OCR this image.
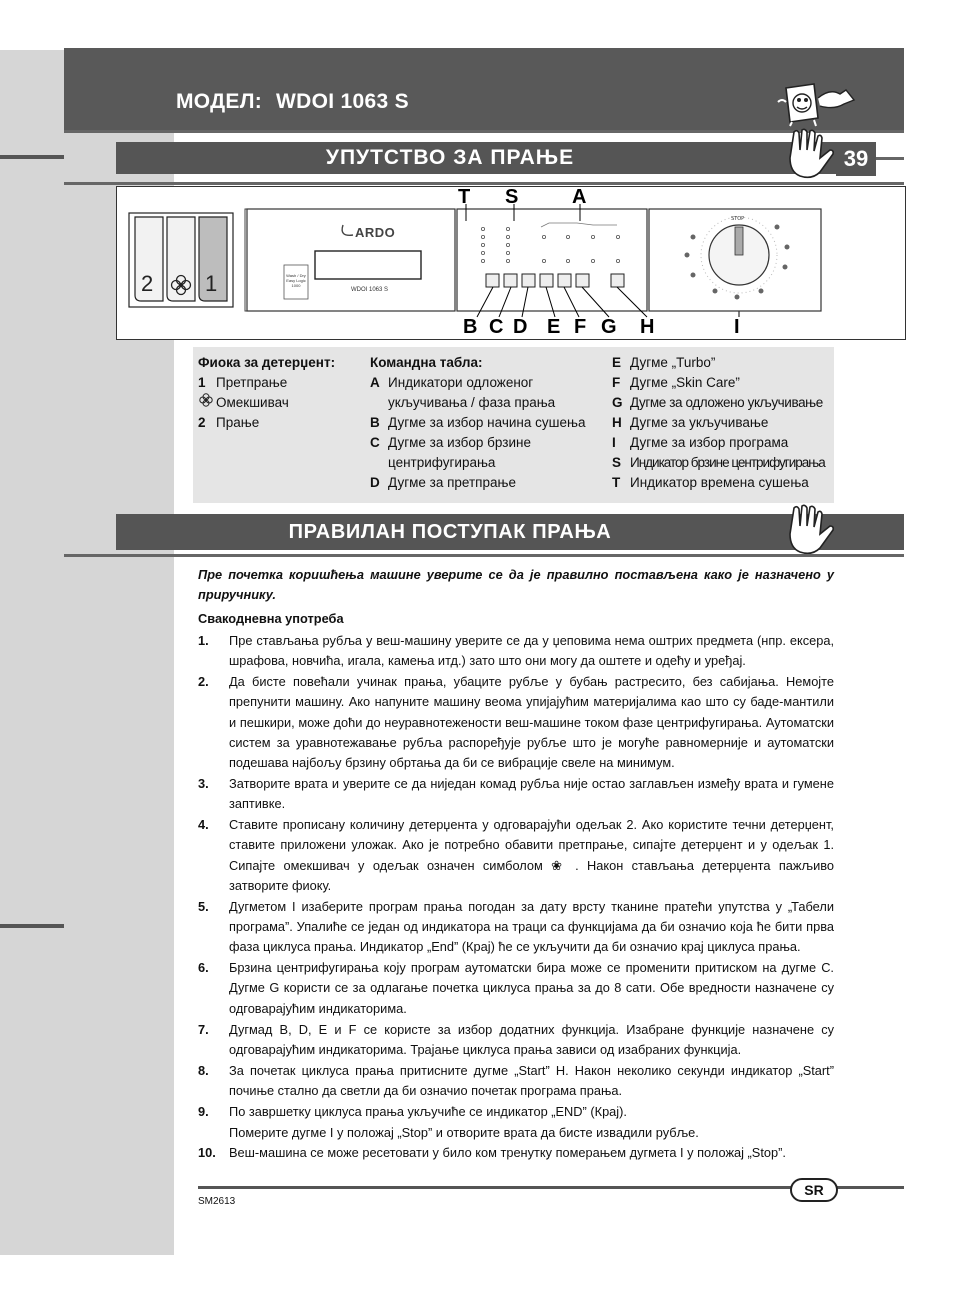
МОДЕЛ: WDOI 1063 S
УПУТСТВО ЗА ПРАЊЕ	39
STOP
ARDO
WDOI 1063 S
Wash / Dry
Easy Logic
1000
2 1
T S	A
B C D E F G H	I
Фиока за детерџент:
1 Претпрање
Омекшивач
2 Прање
Командна табла:
A Индикатори одложеног
укључивања / фаза прања
B Дугме за избор начина сушења
C Дугме за избор брзине
центрифугирања
D Дугме за претпрање
E Дугме „Turbo”
F Дугме „Skin Care”
G Дугме за одложено укључивање
H Дугме за укључивање
I	Дугме за избор програма
S Индикатор брзине центрифугирања
T Индикатор времена сушења
ПРАВИЛАН ПОСТУПАК ПРАЊА

Пре почетка коришћења машине уверите се да је правилно постављена како је назначено у приручнику.

Свакодневна употреба
1.	Пре стављања рубља у веш-машину уверите се да у џеповима нема оштрих предмета (нпр. ексера, шрафова, новчића, игала, камења итд.) зато што они могу да оштете и одећу и уређај.
2.	Да бисте повећали учинак прања, убаците рубље у бубањ растресито, без сабијања. Немојте препунити машину. Ако напуните машину веома упијајућим материјалима као што су баде-мантили и пешкири, може доћи до неуравнотежености веш-машине током фазе центрифугирања. Аутоматски систем за уравнотежавање рубља распоређује рубље што је могуће равномерније и аутоматски подешава најбољу брзину обртања да би се вибрације свеле на минимум.
3.	Затворите врата и уверите се да ниједан комад рубља није остао заглављен између врата и гумене заптивке.
4.	Ставите прописану количину детерџента у одговарајући одељак 2. Ако користите течни детерџент, ставите приложени уложак. Ако је потребно обавити претпрање, сипајте детерџент и у одељак 1. Сипајте омекшивач у одељак означен симболом ❀ . Након стављања детерџента пажљиво затворите фиоку.
5.	Дугметом I изаберите програм прања погодан за дату врсту тканине пратећи упутства у „Табели програма”. Упалиће се један од индикатора на траци са функцијама да би означио која ће бити прва фаза циклуса прања. Индикатор „End” (Крај) ће се укључити да би означио крај циклуса прања.
6.	Брзина центрифугирања коју програм аутоматски бира може се променити притиском на дугме C. Дугме G користи се за одлагање почетка циклуса прања за до 8 сати. Обе вредности назначене су одговарајућим индикаторима.
7.	Дугмад B, D, E и F се користе за избор додатних функција. Изабране функције назначене су одговарајућим индикаторима. Трајање циклуса прања зависи од изабраних функција.
8.	За почетак циклуса прања притисните дугме „Start” H. Након неколико секунди индикатор „Start” почиње стално да светли да би означио почетак програма прања.
9.	По завршетку циклуса прања укључиће се индикатор „END” (Крај).
Померите дугме I у положај „Stop” и отворите врата да бисте извадили рубље.
10.	Веш-машина се може ресетовати у било ком тренутку померањем дугмета I у положај „Stop”.
SR
SM2613
